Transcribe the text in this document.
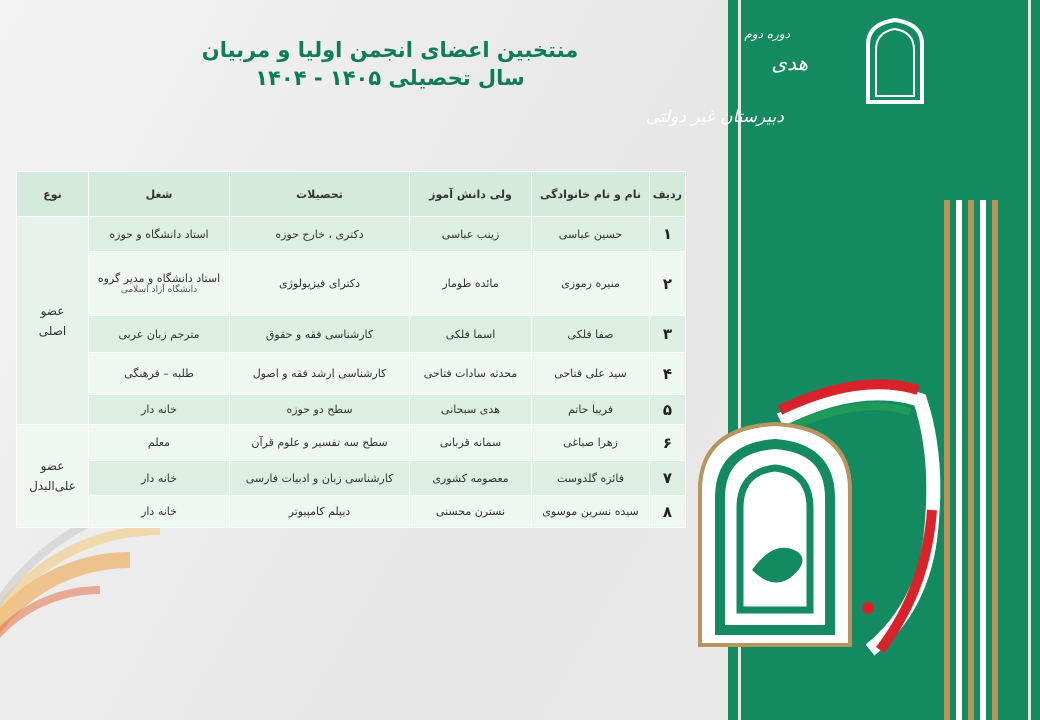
منتخبین اعضای انجمن اولیا و مربیان
سال تحصیلی ۱۴۰۵ - ۱۴۰۴
دوره دوم
هدی
دبیرستان غیر دولتی
ردیف	نام و نام خانوادگی	ولی دانش آموز	تحصیلات	شغل	نوع
۱	حسین عباسی	زینب عباسی	دکتری ، خارج حوزه	استاد دانشگاه و حوزه	عضو
اصلی
۲	منیره رموزی	مائده طومار	دکترای فیزیولوژی	استاد دانشگاه و مدیر گروه
دانشگاه آزاد اسلامی	

۳	صفا فلکی	اسما فلکی	کارشناسی فقه و حقوق	مترجم زبان عربی	
۴	سید علی فتاحی	محدثه سادات فتاحی	کارشناسی ارشد فقه و اصول	طلبه – فرهنگی	
۵	فریبا حاتم	هدی سبحانی	سطح دو حوزه	خانه دار	
۶	زهرا صباغی	سمانه قربانی	سطح سه تفسیر و علوم قرآن	معلم	عضو
علی‌البدل
۷	فائزه گلدوست	معصومه کشوری	کارشناسی زبان و ادبیات فارسی	خانه دار	
۸	سیده نسرین موسوی	نسترن محسنی	دیپلم کامپیوتر	خانه دار	
